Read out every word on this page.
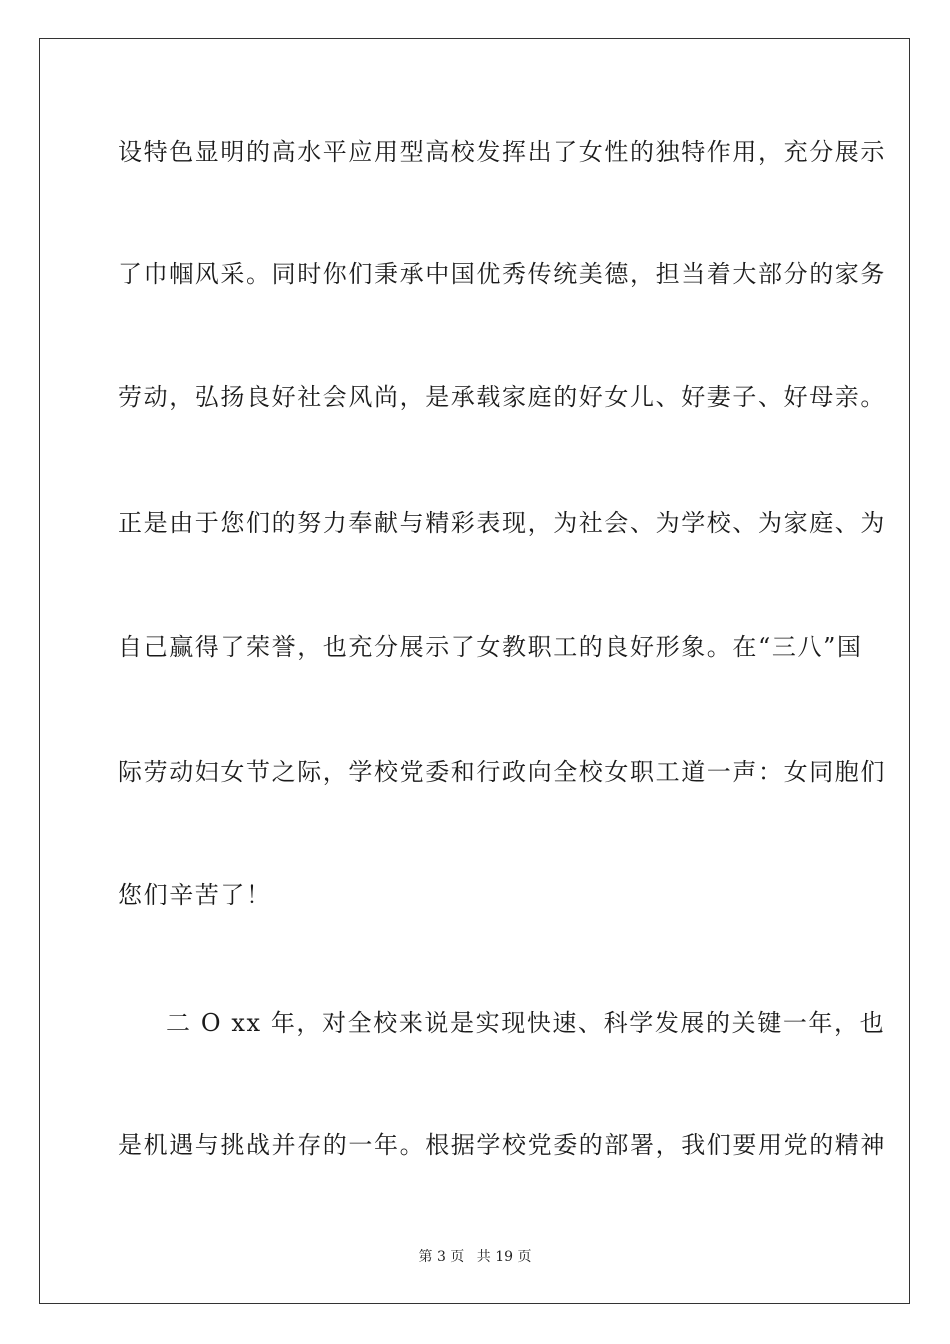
设特色显明的高水平应用型高校发挥出了女性的独特作用，充分展示
了巾帼风采。同时你们秉承中国优秀传统美德，担当着大部分的家务
劳动，弘扬良好社会风尚，是承载家庭的好女儿、好妻子、好母亲。
正是由于您们的努力奉献与精彩表现，为社会、为学校、为家庭、为
自己赢得了荣誉，也充分展示了女教职工的良好形象。在“三八”国
际劳动妇女节之际，学校党委和行政向全校女职工道一声：女同胞们
您们辛苦了！
二 O xx 年，对全校来说是实现快速、科学发展的关键一年，也
是机遇与挑战并存的一年。根据学校党委的部署，我们要用党的精神
第 3 页 共 19 页
